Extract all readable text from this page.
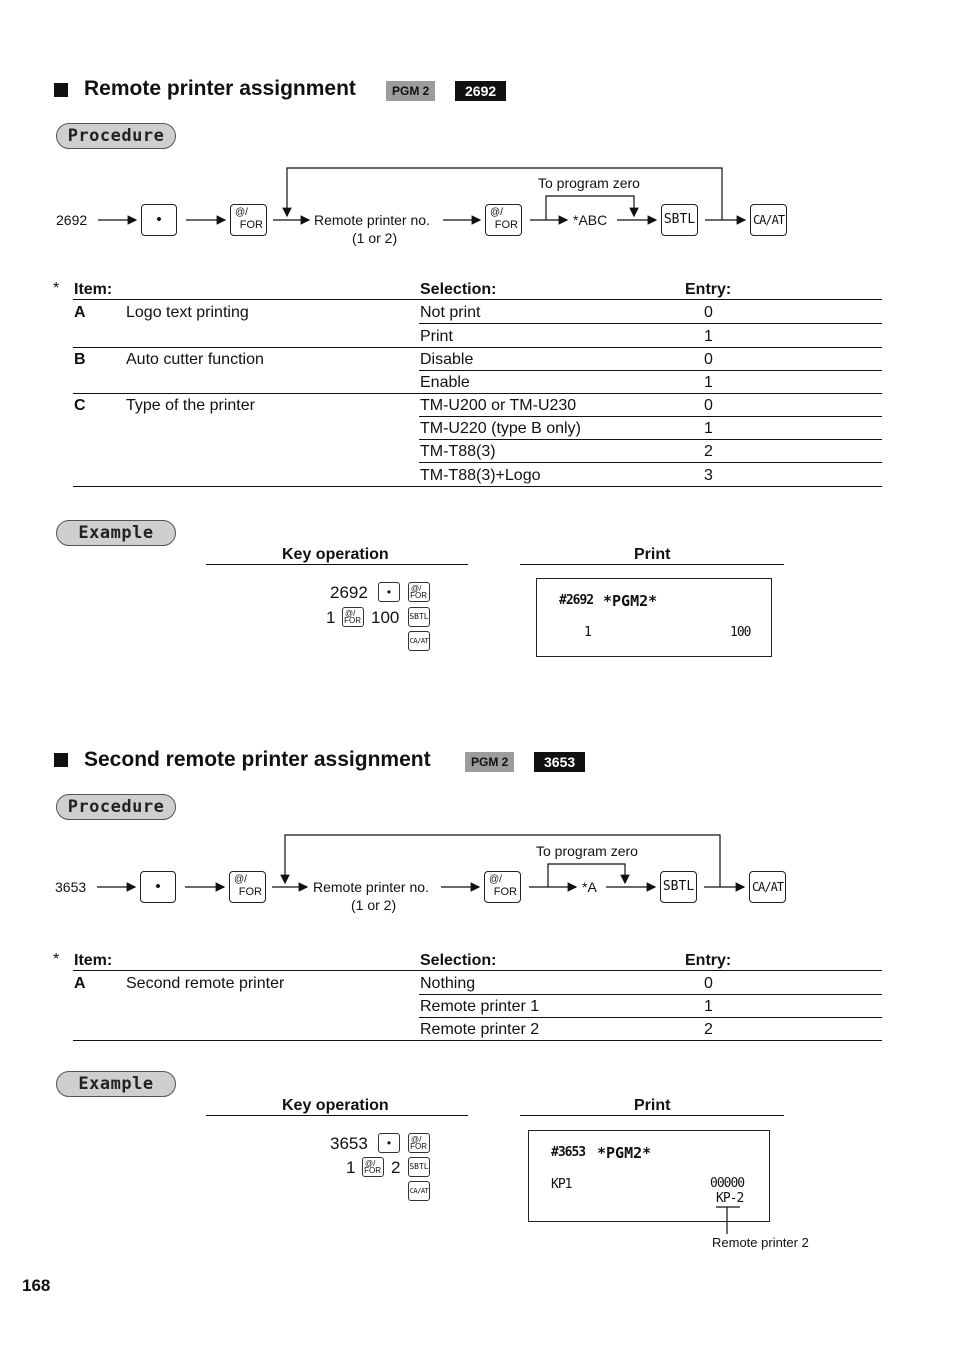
Remote printer assignment	PGM 2	2692
Procedure
2692	•	@/
FOR	Remote printer no.
(1 or 2)
@/
FOR
To program zero
*ABC	SBTL	CA/AT
* Item:	Selection:	Entry:
A	Logo text printing	Not print	0
Print	1
B	Auto cutter function	Disable	0
Enable	1
C	Type of the printer	TM-U200 or TM-U230	0
TM-U220 (type B only)	1
TM-T88(3)	2
TM-T88(3)+Logo	3
Example
Key operation	Print
2692	•	@/
FOR
1 @/
FOR 100 SBTL
CA/AT
#2692 *PGM2*
1	100
Second remote printer assignment	PGM 2	3653
Procedure
3653	•	@/
FOR	Remote printer no.
(1 or 2)
@/
FOR
To program zero
*A	SBTL	CA/AT
* Item:	Selection:	Entry:
A	Second remote printer	Nothing	0
Remote printer 1	1
Remote printer 2	2
Example
Key operation	Print
3653	•	@/
FOR
1 @/
FOR 2 SBTL
CA/AT
#3653 *PGM2*
KP1	00000
KP-2
Remote printer 2
168
